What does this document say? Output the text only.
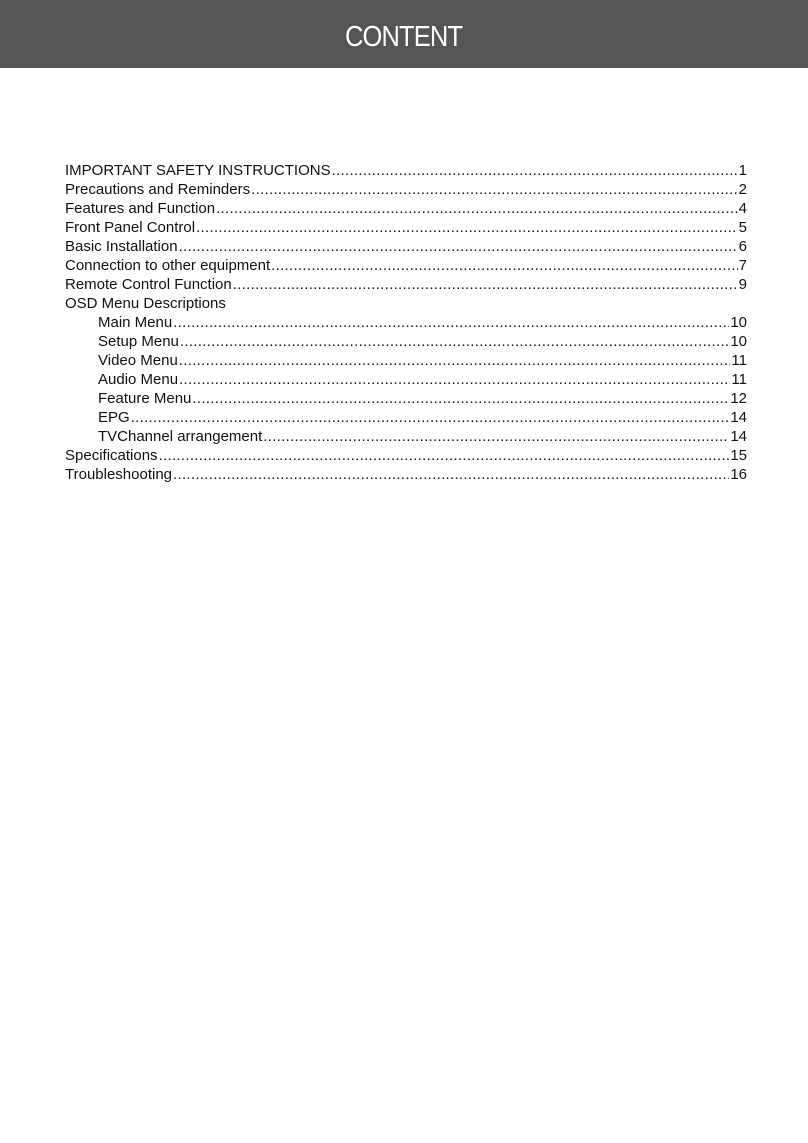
CONTENT
IMPORTANT SAFETY INSTRUCTIONS .....	1
Precautions and Reminders .....	2
Features and Function .....	4
Front Panel Control .....	5
Basic Installation .....	6
Connection to other equipment .....	7
Remote Control Function .....	9
OSD Menu Descriptions
Main Menu .....	10
Setup Menu .....	10
Video Menu .....	11
Audio Menu .....	11
Feature Menu .....	12
EPG .....	14
TVChannel arrangement .....	14
Specifications .....	15
Troubleshooting .....	16
